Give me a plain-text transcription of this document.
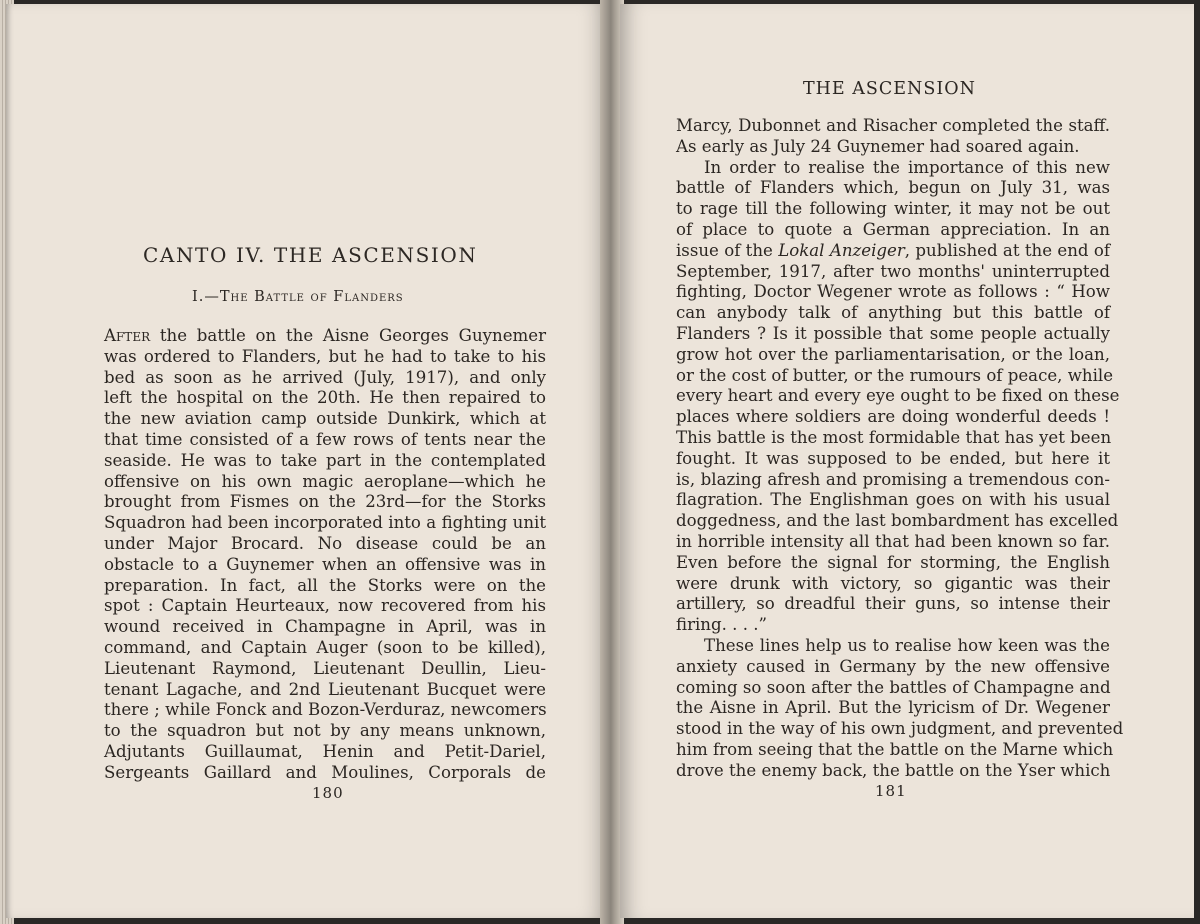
CANTO IV. THE ASCENSION
I.—The Battle of Flanders
After the battle on the Aisne Georges Guynemer
was ordered to Flanders, but he had to take to his
bed as soon as he arrived (July, 1917), and only
left the hospital on the 20th. He then repaired to
the new aviation camp outside Dunkirk, which at
that time consisted of a few rows of tents near the
seaside. He was to take part in the contemplated
offensive on his own magic aeroplane—which he
brought from Fismes on the 23rd—for the Storks
Squadron had been incorporated into a fighting unit
under Major Brocard. No disease could be an
obstacle to a Guynemer when an offensive was in
preparation. In fact, all the Storks were on the
spot : Captain Heurteaux, now recovered from his
wound received in Champagne in April, was in
command, and Captain Auger (soon to be killed),
Lieutenant Raymond, Lieutenant Deullin, Lieu-
tenant Lagache, and 2nd Lieutenant Bucquet were
there ; while Fonck and Bozon-Verduraz, newcomers
to the squadron but not by any means unknown,
Adjutants Guillaumat, Henin and Petit-Dariel,
Sergeants Gaillard and Moulines, Corporals de
180
THE ASCENSION
Marcy, Dubonnet and Risacher completed the staff.
As early as July 24 Guynemer had soared again.
In order to realise the importance of this new
battle of Flanders which, begun on July 31, was
to rage till the following winter, it may not be out
of place to quote a German appreciation. In an
issue of the Lokal Anzeiger, published at the end of
September, 1917, after two months' uninterrupted
fighting, Doctor Wegener wrote as follows : “ How
can anybody talk of anything but this battle of
Flanders ? Is it possible that some people actually
grow hot over the parliamentarisation, or the loan,
or the cost of butter, or the rumours of peace, while
every heart and every eye ought to be fixed on these
places where soldiers are doing wonderful deeds !
This battle is the most formidable that has yet been
fought. It was supposed to be ended, but here it
is, blazing afresh and promising a tremendous con-
flagration. The Englishman goes on with his usual
doggedness, and the last bombardment has excelled
in horrible intensity all that had been known so far.
Even before the signal for storming, the English
were drunk with victory, so gigantic was their
artillery, so dreadful their guns, so intense their
firing. . . .”
These lines help us to realise how keen was the
anxiety caused in Germany by the new offensive
coming so soon after the battles of Champagne and
the Aisne in April. But the lyricism of Dr. Wegener
stood in the way of his own judgment, and prevented
him from seeing that the battle on the Marne which
drove the enemy back, the battle on the Yser which
181
